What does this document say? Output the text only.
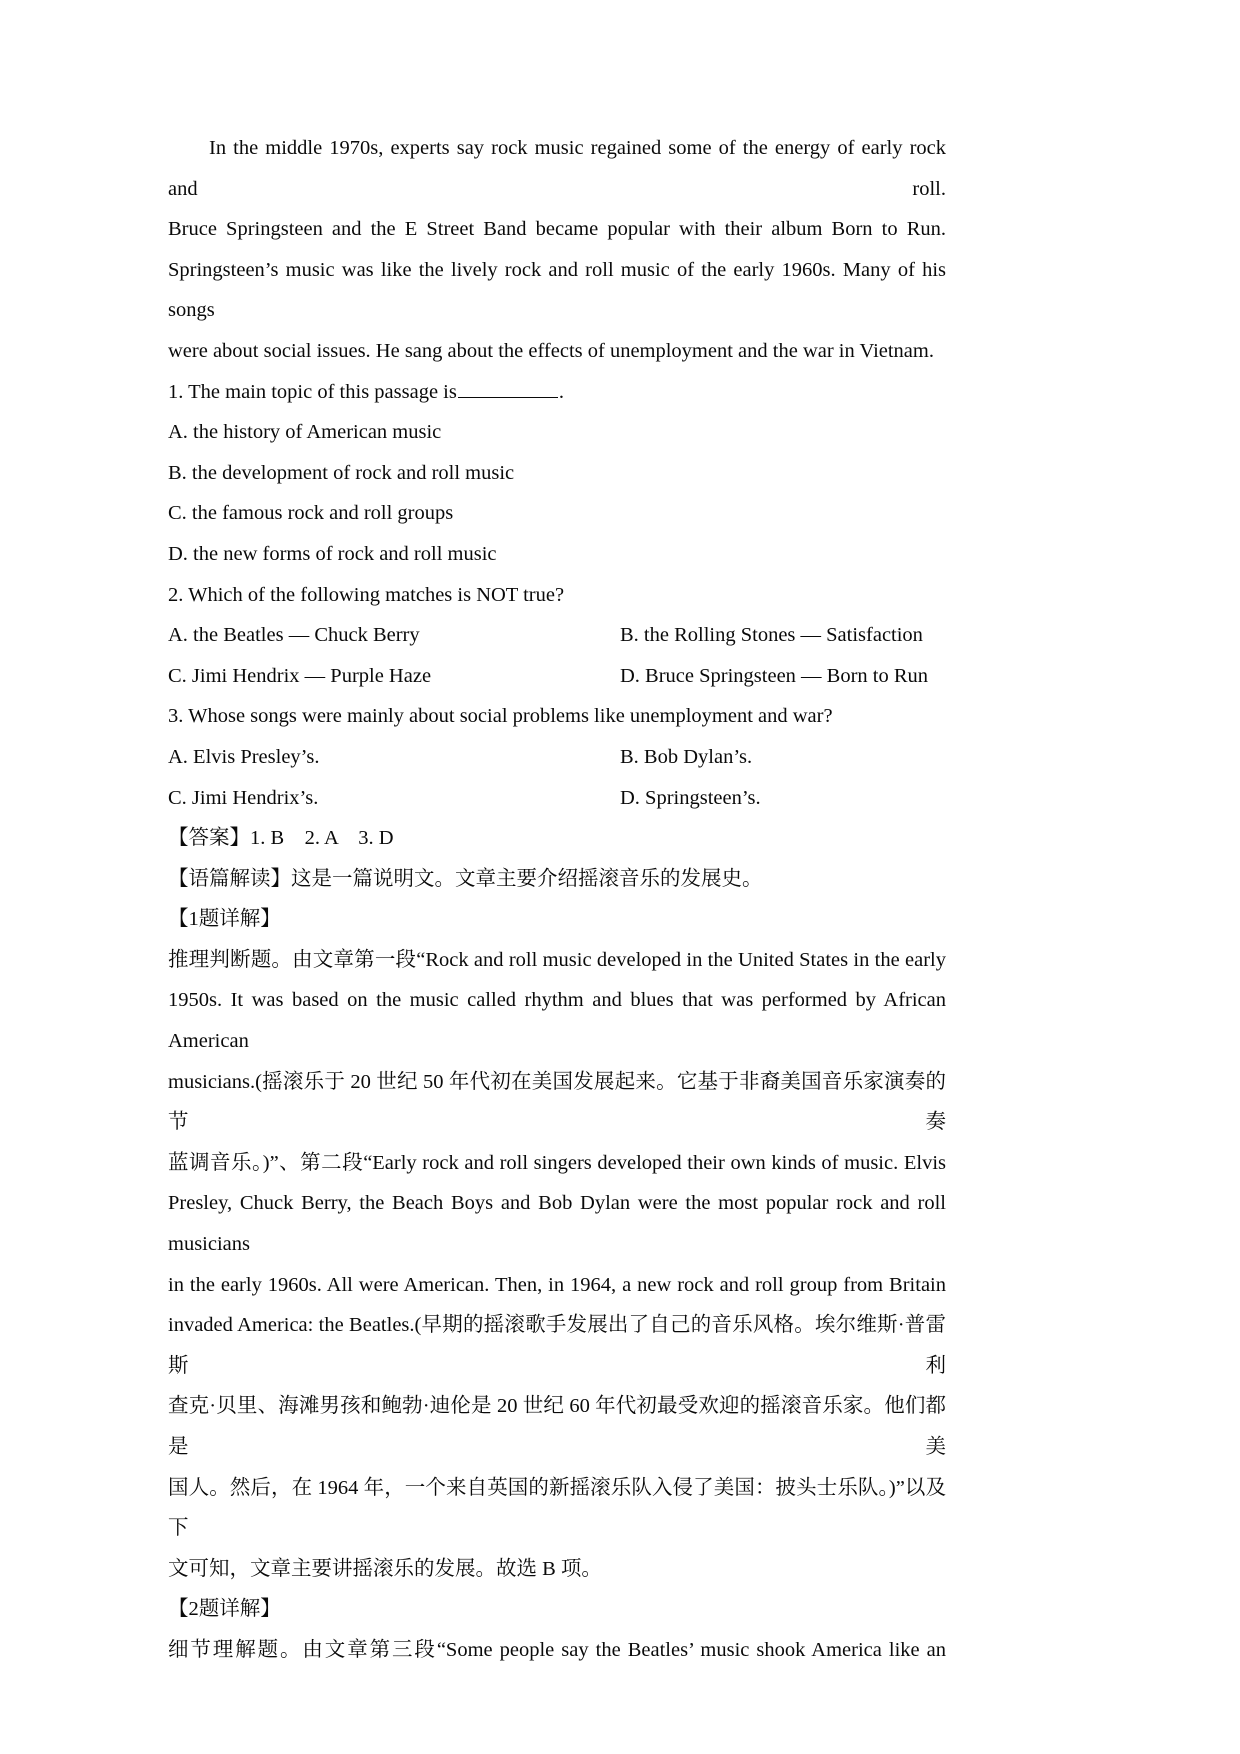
In the middle 1970s, experts say rock music regained some of the energy of early rock and roll.
Bruce Springsteen and the E Street Band became popular with their album Born to Run.
Springsteen’s music was like the lively rock and roll music of the early 1960s. Many of his songs
were about social issues. He sang about the effects of unemployment and the war in Vietnam.
1. The main topic of this passage is	.
A. the history of American music
B. the development of rock and roll music
C. the famous rock and roll groups
D. the new forms of rock and roll music
2. Which of the following matches is NOT true?
A. the Beatles — Chuck Berry	B. the Rolling Stones — Satisfaction
C. Jimi Hendrix — Purple Haze	D. Bruce Springsteen — Born to Run
3. Whose songs were mainly about social problems like unemployment and war?
A. Elvis Presley’s.	B. Bob Dylan’s.
C. Jimi Hendrix’s.	D. Springsteen’s.
【答案】1. B　2. A　3. D
【语篇解读】这是一篇说明文。文章主要介绍摇滚音乐的发展史。
【1题详解】
推理判断题。由文章第一段“Rock and roll music developed in the United States in the early
1950s. It was based on the music called rhythm and blues that was performed by African American
musicians.(摇滚乐于 20 世纪 50 年代初在美国发展起来。它基于非裔美国音乐家演奏的节奏
蓝调音乐。)”、第二段“Early rock and roll singers developed their own kinds of music. Elvis
Presley, Chuck Berry, the Beach Boys and Bob Dylan were the most popular rock and roll musicians
in the early 1960s. All were American. Then, in 1964, a new rock and roll group from Britain
invaded America: the Beatles.(早期的摇滚歌手发展出了自己的音乐风格。埃尔维斯·普雷斯利
查克·贝里、海滩男孩和鲍勃·迪伦是 20 世纪 60 年代初最受欢迎的摇滚音乐家。他们都是美
国人。然后，在 1964 年，一个来自英国的新摇滚乐队入侵了美国：披头士乐队。)”以及下
文可知，文章主要讲摇滚乐的发展。故选 B 项。
【2题详解】
细节理解题。由文章第三段“Some people say the Beatles’ music shook America like an
